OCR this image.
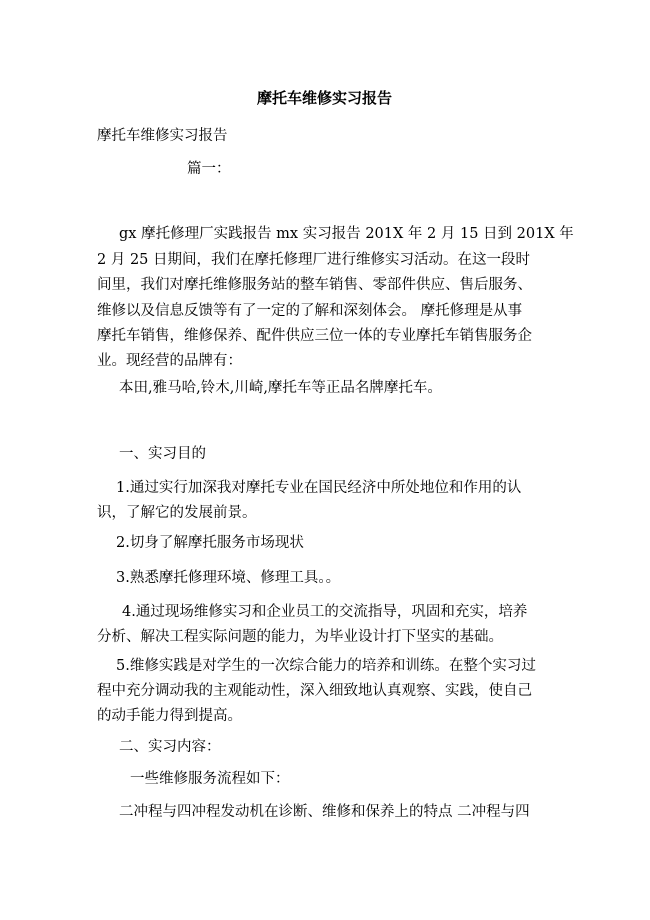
摩托车维修实习报告

摩托车维修实习报告

篇一：

gx 摩托修理厂实践报告 mx 实习报告 201X 年 2 月 15 日到 201X 年

2 月 25 日期间，我们在摩托修理厂进行维修实习活动。在这一段时

间里，我们对摩托维修服务站的整车销售、零部件供应、售后服务、

维修以及信息反馈等有了一定的了解和深刻体会。 摩托修理是从事

摩托车销售，维修保养、配件供应三位一体的专业摩托车销售服务企

业。现经营的品牌有：

本田,雅马哈,铃木,川崎,摩托车等正品名牌摩托车。

一、实习目的

1.通过实行加深我对摩托专业在国民经济中所处地位和作用的认

识，了解它的发展前景。

2.切身了解摩托服务市场现状

3.熟悉摩托修理环境、修理工具。。

4.通过现场维修实习和企业员工的交流指导，巩固和充实，培养

分析、解决工程实际问题的能力，为毕业设计打下坚实的基础。

5.维修实践是对学生的一次综合能力的培养和训练。在整个实习过

程中充分调动我的主观能动性，深入细致地认真观察、实践，使自己

的动手能力得到提高。

二、实习内容：

一些维修服务流程如下：

二冲程与四冲程发动机在诊断、维修和保养上的特点 二冲程与四
